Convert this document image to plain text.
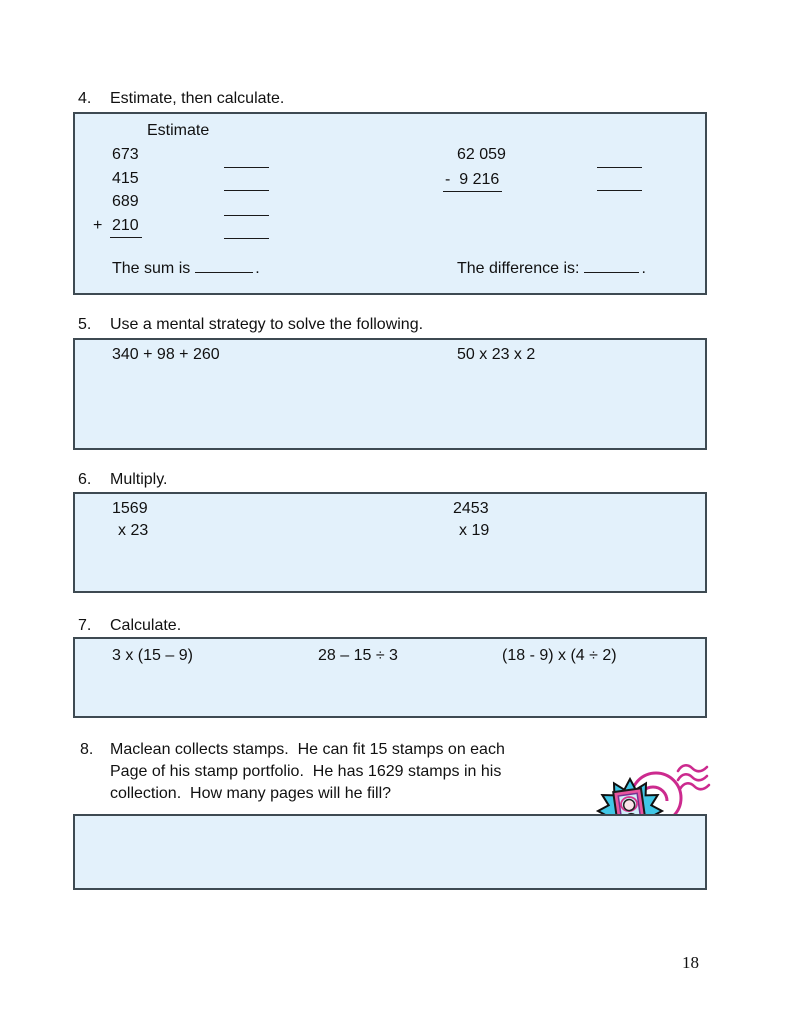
4. Estimate, then calculate.
Estimate
673
415
689
+ 210
62 059
-  9 216
The sum is	.	The difference is:	.
5. Use a mental strategy to solve the following.
340 + 98 + 260	50 x 23 x 2
6. Multiply.
1569
x 23
2453
x 19
7. Calculate.
3 x (15 – 9)	28 – 15 ÷ 3	(18 - 9) x (4 ÷ 2)
8. Maclean collects stamps.  He can fit 15 stamps on each
Page of his stamp portfolio.  He has 1629 stamps in his
collection.  How many pages will he fill?

18
